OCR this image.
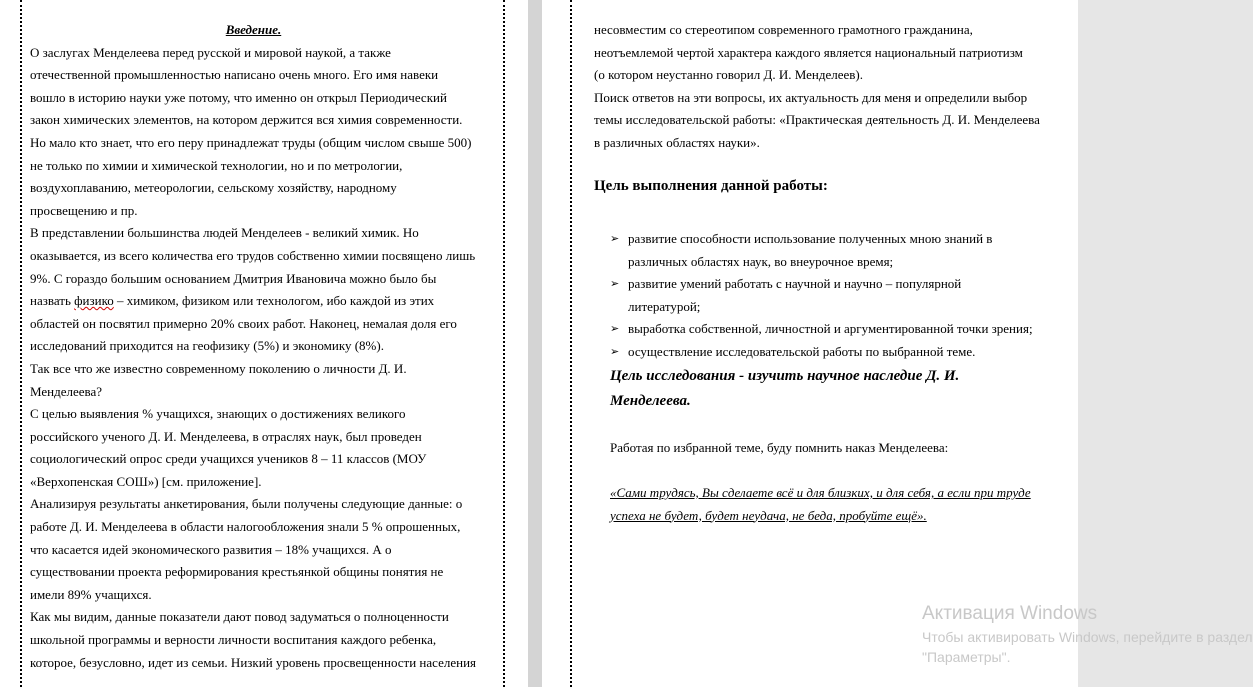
Введение.
О заслугах Менделеева перед русской и мировой наукой, а также
отечественной промышленностью написано очень много. Его имя навеки
вошло в историю науки уже потому, что именно он открыл Периодический
закон химических элементов, на котором держится вся химия современности.
Но мало кто знает, что его перу принадлежат труды (общим числом свыше 500)
не только по химии и химической технологии, но и по метрологии,
воздухоплаванию, метеорологии, сельскому хозяйству, народному
просвещению и пр.
В представлении большинства людей Менделеев - великий химик. Но
оказывается, из всего количества его трудов собственно химии посвящено лишь
9%. С гораздо большим основанием Дмитрия Ивановича можно было бы
назвать физико – химиком, физиком или технологом, ибо каждой из этих
областей он посвятил примерно 20% своих работ. Наконец, немалая доля его
исследований приходится на геофизику (5%) и экономику (8%).
Так все что же известно современному поколению о личности Д. И.
Менделеева?
С целью выявления % учащихся, знающих о достижениях великого
российского ученого Д. И. Менделеева, в отраслях наук, был проведен
социологический опрос среди учащихся учеников 8 – 11 классов (МОУ
«Верхопенская СОШ») [см. приложение].
Анализируя результаты анкетирования, были получены следующие данные: о
работе Д. И. Менделеева в области налогообложения знали 5 % опрошенных,
что касается идей экономического развития – 18% учащихся. А о
существовании проекта реформирования крестьянкой общины понятия не
имели 89% учащихся.
Как мы видим, данные показатели дают повод задуматься о полноценности
школьной программы и верности личности воспитания каждого ребенка,
которое, безусловно, идет из семьи. Низкий уровень просвещенности населения
несовместим со стереотипом современного грамотного гражданина,
неотъемлемой чертой характера каждого является национальный патриотизм
(о котором неустанно говорил Д. И. Менделеев).
Поиск ответов на эти вопросы, их актуальность для меня и определили выбор
темы исследовательской работы: «Практическая деятельность Д. И. Менделеева
в различных областях науки».
Цель выполнения данной работы:
➢ развитие способности использование полученных мною знаний в
различных областях наук, во внеурочное время;
➢ развитие умений работать с научной и научно – популярной
литературой;
➢ выработка собственной, личностной и аргументированной точки зрения;
➢ осуществление исследовательской работы по выбранной теме.
Цель исследования - изучить научное наследие Д. И.
Менделеева.
Работая по избранной теме, буду помнить наказ Менделеева:
«Сами трудясь, Вы сделаете всё и для близких, и для себя, а если при труде
успеха не будет, будет неудача, не беда, пробуйте ещё».
Активация Windows
Чтобы активировать Windows, перейдите в раздел
"Параметры".
